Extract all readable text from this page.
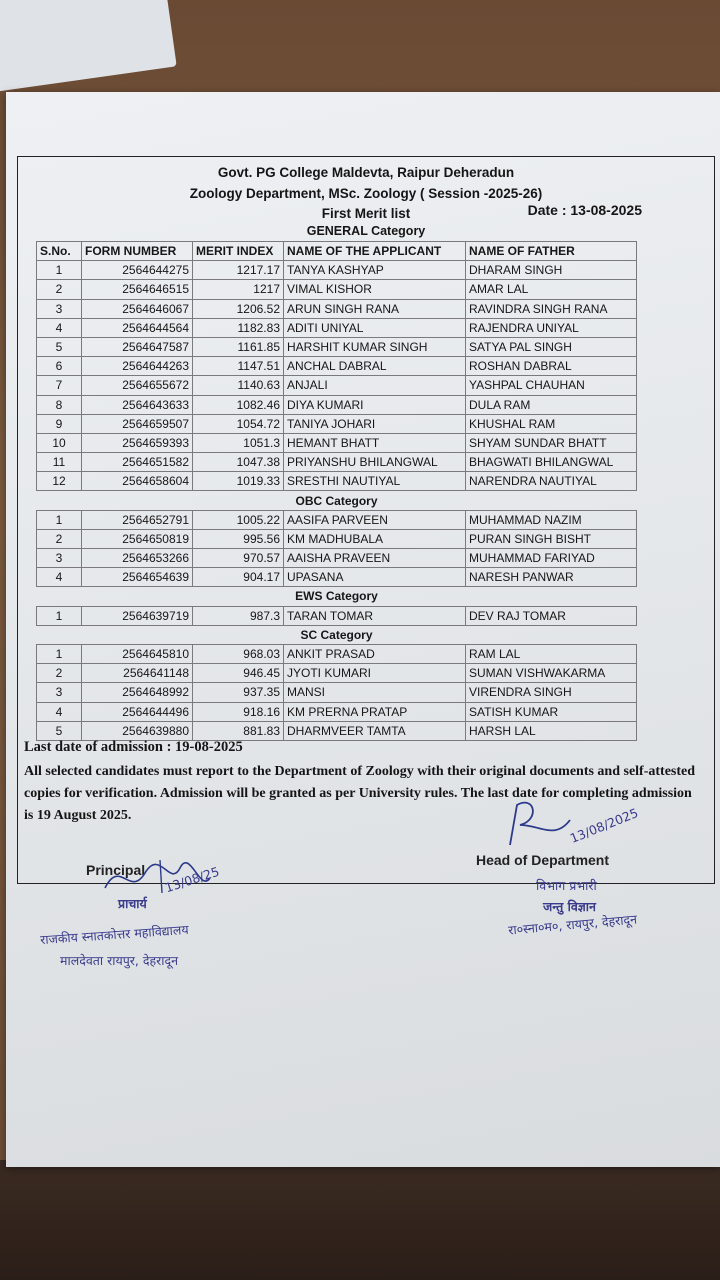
Govt. PG College Maldevta, Raipur Deheradun
Zoology Department, MSc. Zoology ( Session -2025-26)
First Merit list	Date : 13-08-2025
GENERAL Category
S.No.	FORM NUMBER	MERIT INDEX	NAME OF THE APPLICANT	NAME OF FATHER
1	2564644275	1217.17	TANYA KASHYAP	DHARAM SINGH
2	2564646515	1217	VIMAL KISHOR	AMAR LAL
3	2564646067	1206.52	ARUN SINGH RANA	RAVINDRA SINGH RANA
4	2564644564	1182.83	ADITI UNIYAL	RAJENDRA UNIYAL
5	2564647587	1161.85	HARSHIT KUMAR SINGH	SATYA PAL SINGH
6	2564644263	1147.51	ANCHAL DABRAL	ROSHAN DABRAL
7	2564655672	1140.63	ANJALI	YASHPAL CHAUHAN
8	2564643633	1082.46	DIYA KUMARI	DULA RAM
9	2564659507	1054.72	TANIYA JOHARI	KHUSHAL RAM
10	2564659393	1051.3	HEMANT BHATT	SHYAM SUNDAR BHATT
11	2564651582	1047.38	PRIYANSHU BHILANGWAL	BHAGWATI BHILANGWAL
12	2564658604	1019.33	SRESTHI NAUTIYAL	NARENDRA NAUTIYAL
OBC Category				
1	2564652791	1005.22	AASIFA PARVEEN	MUHAMMAD NAZIM
2	2564650819	995.56	KM MADHUBALA	PURAN SINGH BISHT
3	2564653266	970.57	AAISHA PRAVEEN	MUHAMMAD FARIYAD
4	2564654639	904.17	UPASANA	NARESH PANWAR
EWS Category				
1	2564639719	987.3	TARAN TOMAR	DEV RAJ TOMAR
SC Category				
1	2564645810	968.03	ANKIT PRASAD	RAM LAL
2	2564641148	946.45	JYOTI KUMARI	SUMAN VISHWAKARMA
3	2564648992	937.35	MANSI	VIRENDRA SINGH
4	2564644496	918.16	KM PRERNA PRATAP	SATISH KUMAR
5	2564639880	881.83	DHARMVEER TAMTA	HARSH LAL
Last date of admission : 19-08-2025
All selected candidates must report to the Department of Zoology with their original documents and self-attested copies for verification. Admission will be granted as per University rules. The last date for completing admission is 19 August 2025.
Principal
Head of Department
13/08/25
प्राचार्य
राजकीय स्नातकोत्तर महाविद्यालय
मालदेवता रायपुर, देहरादून
13/08/2025
विभाग प्रभारी
जन्तु विज्ञान
रा०स्ना०म०, रायपुर, देहरादून
